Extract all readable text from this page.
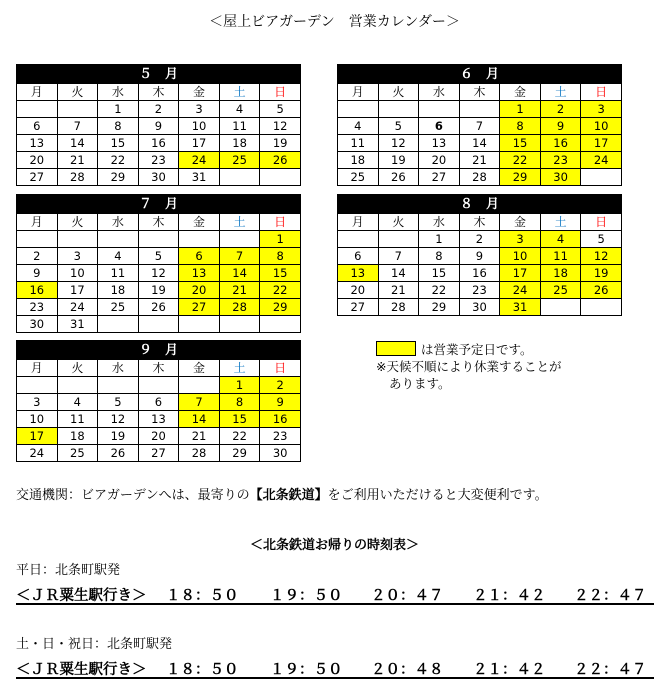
＜屋上ビアガーデン　営業カレンダー＞
５　月						
月	火	水	木	金	土	日
		1	2	3	4	5
6	7	8	9	10	11	12
13	14	15	16	17	18	19
20	21	22	23	24	25	26
27	28	29	30	31		
６　月						
月	火	水	木	金	土	日
				1	2	3
4	5	6	7	8	9	10
11	12	13	14	15	16	17
18	19	20	21	22	23	24
25	26	27	28	29	30	
７　月						
月	火	水	木	金	土	日
						1
2	3	4	5	6	7	8
9	10	11	12	13	14	15
16	17	18	19	20	21	22
23	24	25	26	27	28	29
30	31					
８　月						
月	火	水	木	金	土	日
		1	2	3	4	5
6	7	8	9	10	11	12
13	14	15	16	17	18	19
20	21	22	23	24	25	26
27	28	29	30	31		
９　月						
月	火	水	木	金	土	日
					1	2
3	4	5	6	7	8	9
10	11	12	13	14	15	16
17	18	19	20	21	22	23
24	25	26	27	28	29	30
は営業予定日です。
※天候不順により休業することが
あります。
交通機関：ビアガーデンへは、最寄りの【北条鉄道】をご利用いただけると大変便利です。
＜北条鉄道お帰りの時刻表＞
平日：北条町駅発
＜ＪＲ粟生駅行き＞ １８：５０ １９：５０ ２０：４７ ２１：４２ ２２：４７
土・日・祝日：北条町駅発
＜ＪＲ粟生駅行き＞ １８：５０ １９：５０ ２０：４８ ２１：４２ ２２：４７
